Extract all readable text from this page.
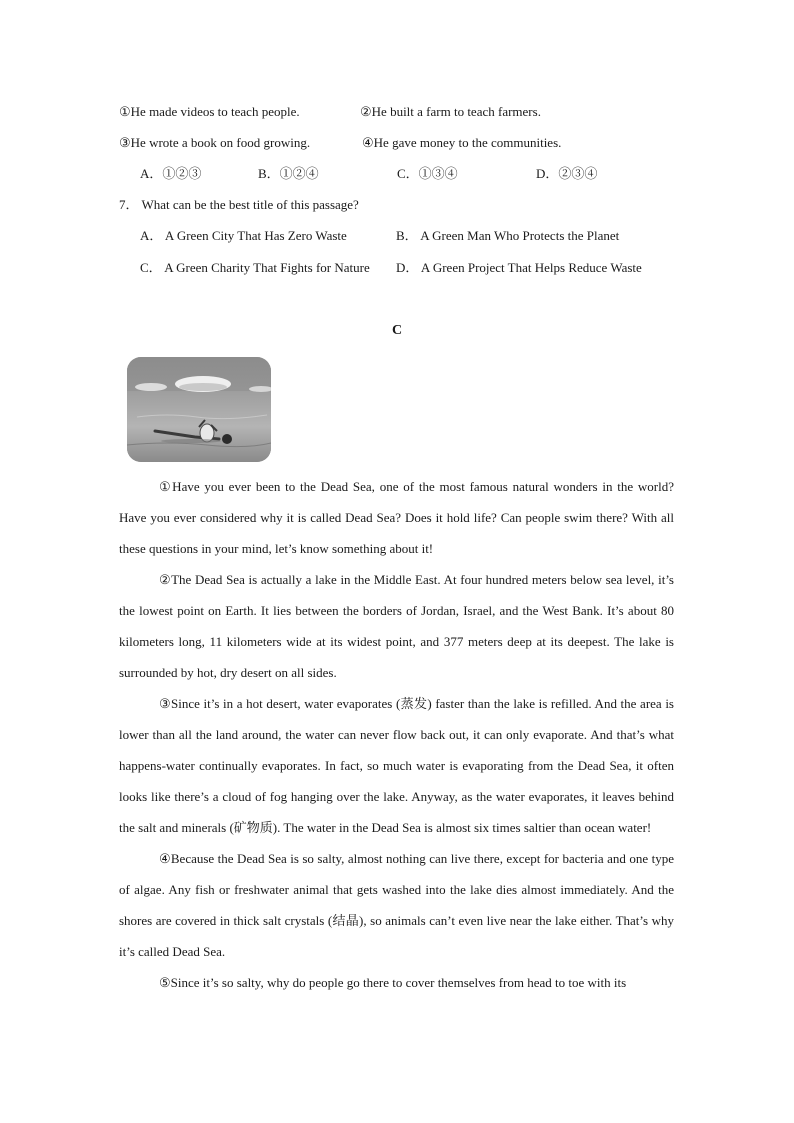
①He made videos to teach people.	②He built a farm to teach farmers.
③He wrote a book on food growing.	④He gave money to the communities.
A．①②③	B．①②④	C．①③④	D．②③④
7． What can be the best title of this passage?
A． A Green City That Has Zero Waste	B． A Green Man Who Protects the Planet
C． A Green Charity That Fights for Nature D． A Green Project That Helps Reduce Waste
C

①Have you ever been to the Dead Sea, one of the most famous natural wonders in the world? Have you ever considered why it is called Dead Sea? Does it hold life? Can people swim there? With all these questions in your mind, let’s know something about it!

②The Dead Sea is actually a lake in the Middle East. At four hundred meters below sea level, it’s the lowest point on Earth. It lies between the borders of Jordan, Israel, and the West Bank. It’s about 80 kilometers long, 11 kilometers wide at its widest point, and 377 meters deep at its deepest. The lake is surrounded by hot, dry desert on all sides.

③Since it’s in a hot desert, water evaporates (蒸发) faster than the lake is refilled. And the area is lower than all the land around, the water can never flow back out, it can only evaporate. And that’s what happens-water continually evaporates. In fact, so much water is evaporating from the Dead Sea, it often looks like there’s a cloud of fog hanging over the lake. Anyway, as the water evaporates, it leaves behind the salt and minerals (矿物质). The water in the Dead Sea is almost six times saltier than ocean water!

④Because the Dead Sea is so salty, almost nothing can live there, except for bacteria and one type of algae. Any fish or freshwater animal that gets washed into the lake dies almost immediately. And the shores are covered in thick salt crystals (结晶), so animals can’t even live near the lake either. That’s why it’s called Dead Sea.

⑤Since it’s so salty, why do people go there to cover themselves from head to toe with its
